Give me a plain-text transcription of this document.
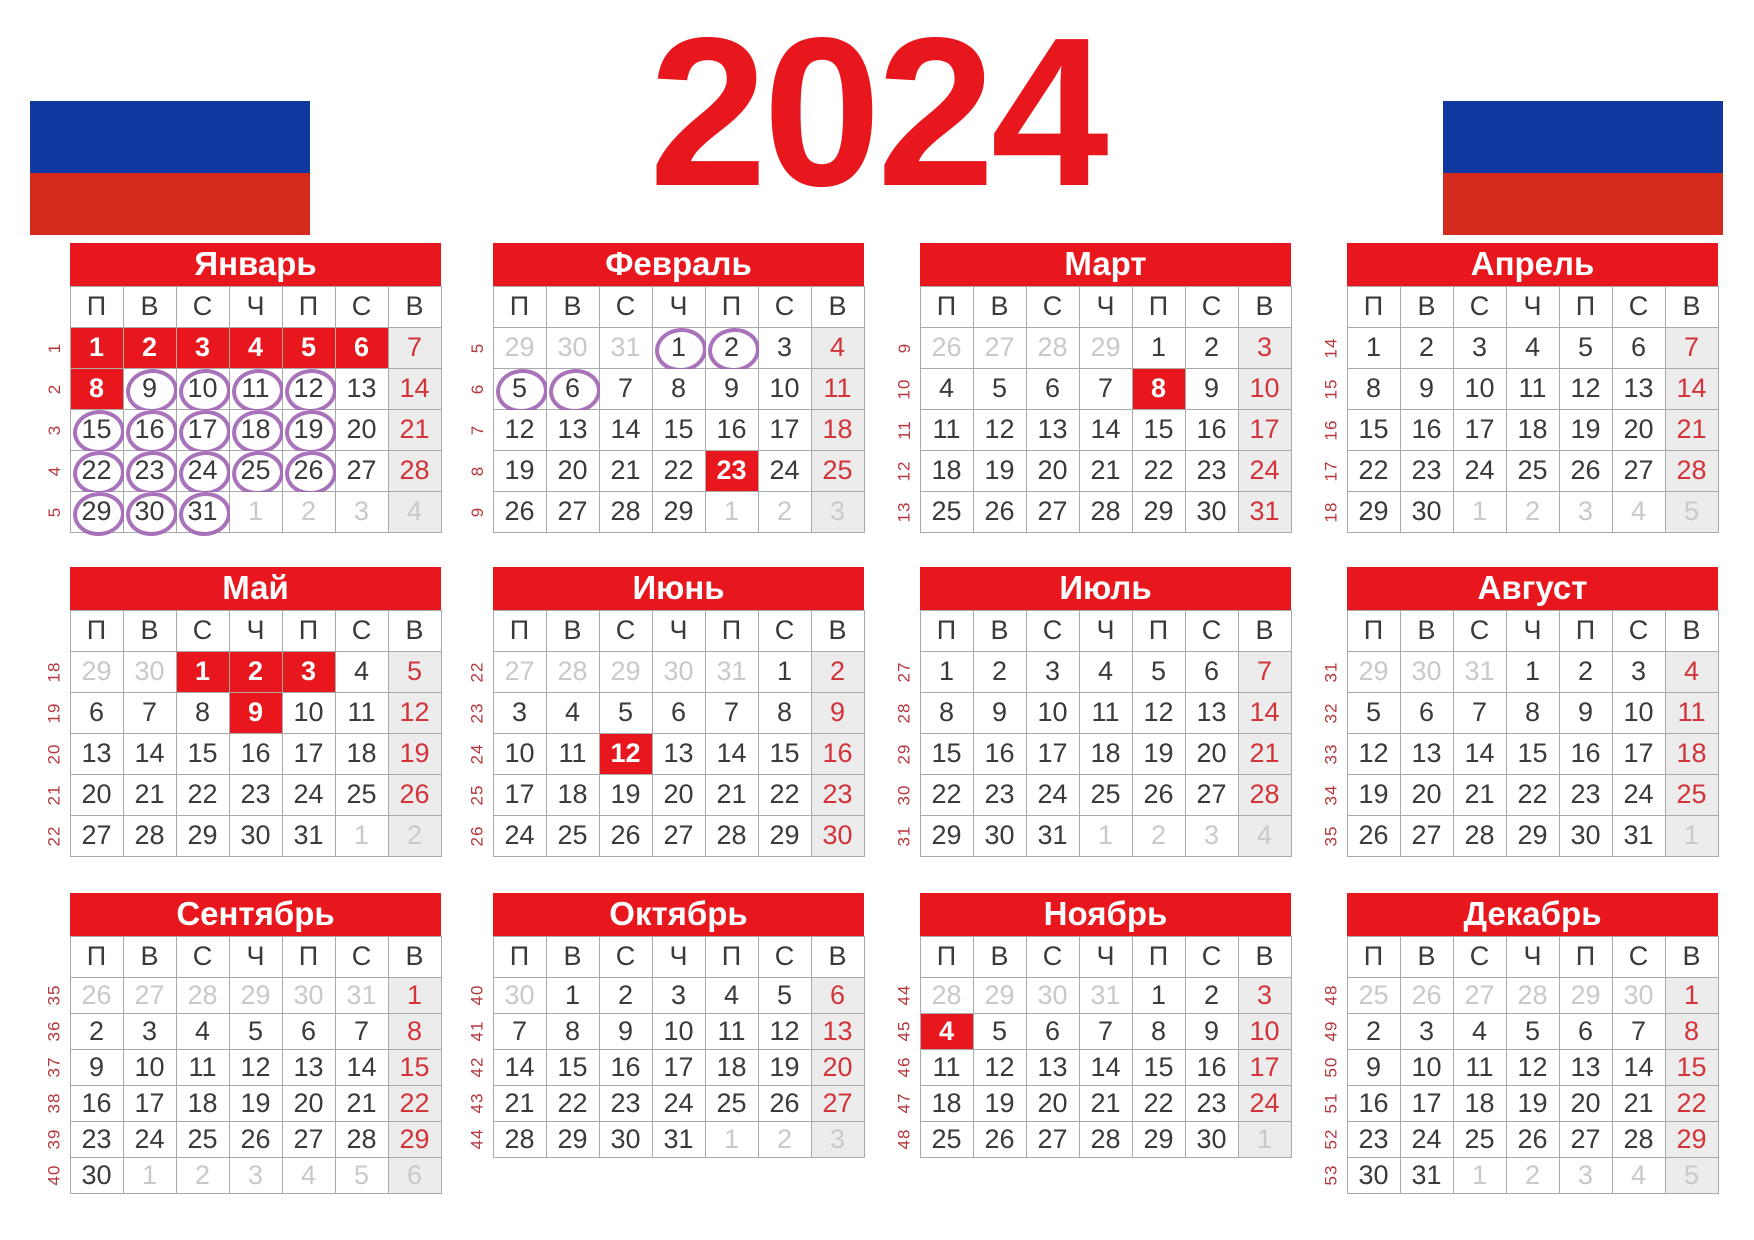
2024
	Январь						
	П	В	С	Ч	П	С	В
1	1	2	3	4	5	6	7
2	8	9	10	11	12	13	14
3	15	16	17	18	19	20	21
4	22	23	24	25	26	27	28
5	29	30	31	1	2	3	4
	Февраль						
	П	В	С	Ч	П	С	В
5	29	30	31	1	2	3	4
6	5	6	7	8	9	10	11
7	12	13	14	15	16	17	18
8	19	20	21	22	23	24	25
9	26	27	28	29	1	2	3
	Март						
	П	В	С	Ч	П	С	В
9	26	27	28	29	1	2	3
10	4	5	6	7	8	9	10
11	11	12	13	14	15	16	17
12	18	19	20	21	22	23	24
13	25	26	27	28	29	30	31
	Апрель						
	П	В	С	Ч	П	С	В
14	1	2	3	4	5	6	7
15	8	9	10	11	12	13	14
16	15	16	17	18	19	20	21
17	22	23	24	25	26	27	28
18	29	30	1	2	3	4	5
	Май						
	П	В	С	Ч	П	С	В
18	29	30	1	2	3	4	5
19	6	7	8	9	10	11	12
20	13	14	15	16	17	18	19
21	20	21	22	23	24	25	26
22	27	28	29	30	31	1	2
	Июнь						
	П	В	С	Ч	П	С	В
22	27	28	29	30	31	1	2
23	3	4	5	6	7	8	9
24	10	11	12	13	14	15	16
25	17	18	19	20	21	22	23
26	24	25	26	27	28	29	30
	Июль						
	П	В	С	Ч	П	С	В
27	1	2	3	4	5	6	7
28	8	9	10	11	12	13	14
29	15	16	17	18	19	20	21
30	22	23	24	25	26	27	28
31	29	30	31	1	2	3	4
	Август						
	П	В	С	Ч	П	С	В
31	29	30	31	1	2	3	4
32	5	6	7	8	9	10	11
33	12	13	14	15	16	17	18
34	19	20	21	22	23	24	25
35	26	27	28	29	30	31	1
	Сентябрь						
	П	В	С	Ч	П	С	В
35	26	27	28	29	30	31	1
36	2	3	4	5	6	7	8
37	9	10	11	12	13	14	15
38	16	17	18	19	20	21	22
39	23	24	25	26	27	28	29
40	30	1	2	3	4	5	6
	Октябрь						
	П	В	С	Ч	П	С	В
40	30	1	2	3	4	5	6
41	7	8	9	10	11	12	13
42	14	15	16	17	18	19	20
43	21	22	23	24	25	26	27
44	28	29	30	31	1	2	3
	Ноябрь						
	П	В	С	Ч	П	С	В
44	28	29	30	31	1	2	3
45	4	5	6	7	8	9	10
46	11	12	13	14	15	16	17
47	18	19	20	21	22	23	24
48	25	26	27	28	29	30	1
	Декабрь						
	П	В	С	Ч	П	С	В
48	25	26	27	28	29	30	1
49	2	3	4	5	6	7	8
50	9	10	11	12	13	14	15
51	16	17	18	19	20	21	22
52	23	24	25	26	27	28	29
53	30	31	1	2	3	4	5
